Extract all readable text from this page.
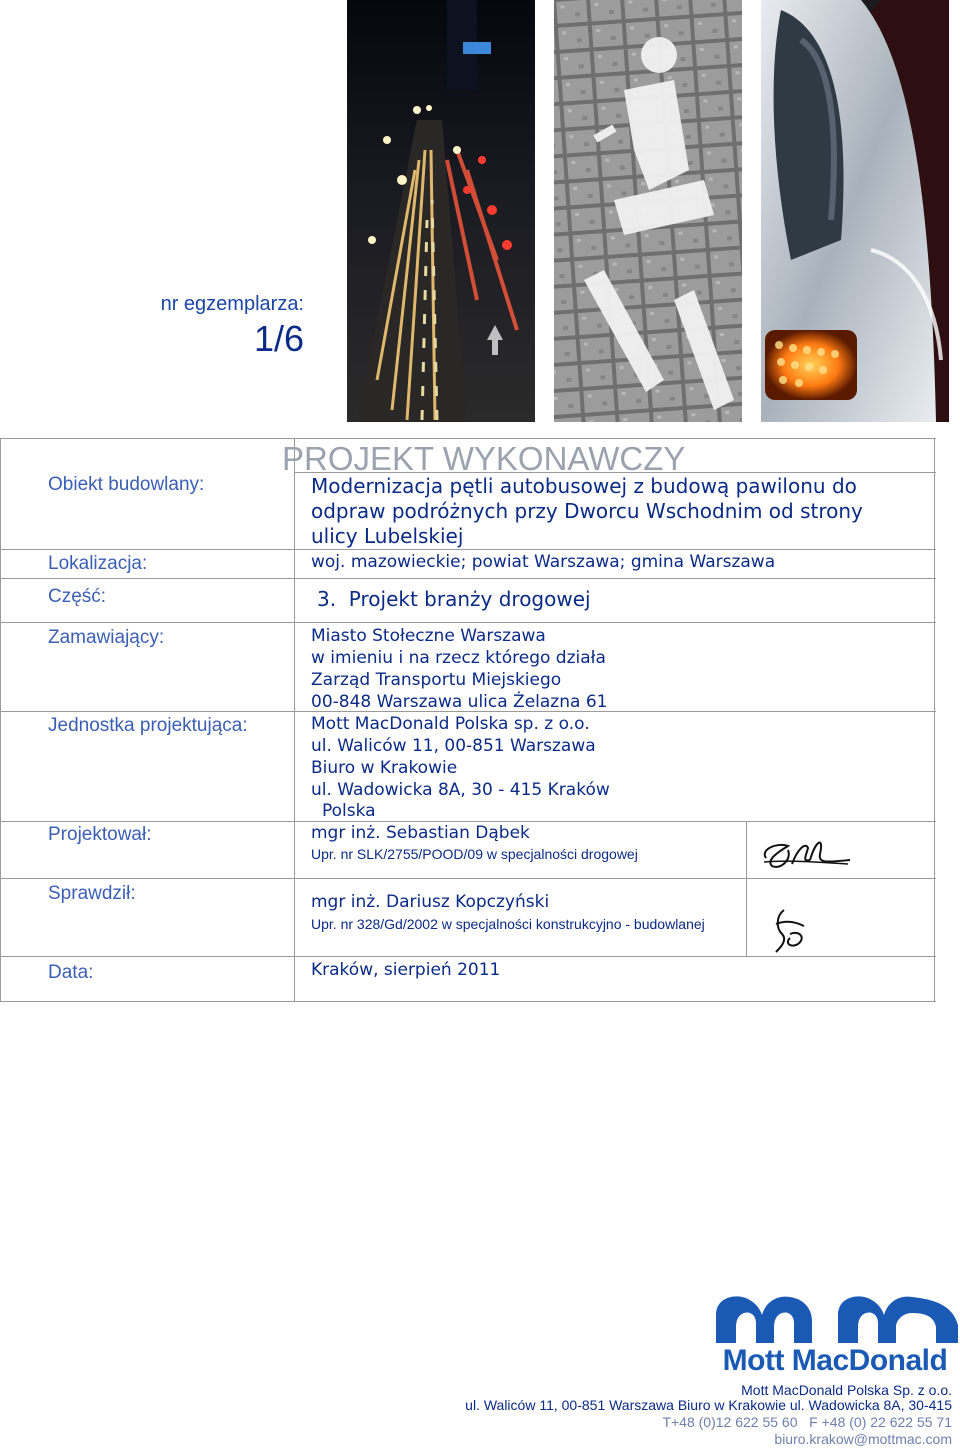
nr egzemplarza:
1/6
PROJEKT WYKONAWCZY
Obiekt budowlany:	Modernizacja pętli autobusowej z budową pawilonu do
odpraw podróżnych przy Dworcu Wschodnim od strony
ulicy Lubelskiej
Lokalizacja:	woj. mazowieckie; powiat Warszawa; gmina Warszawa
Część:	3.  Projekt branży drogowej
Zamawiający:	Miasto Stołeczne Warszawa
w imieniu i na rzecz którego działa
Zarząd Transportu Miejskiego
00-848 Warszawa ulica Żelazna 61
Jednostka projektująca:	Mott MacDonald Polska sp. z o.o.
ul. Waliców 11, 00-851 Warszawa
Biuro w Krakowie
ul. Wadowicka 8A, 30 - 415 Kraków
Polska
Projektował:	mgr inż. Sebastian Dąbek
Upr. nr SLK/2755/POOD/09 w specjalności drogowej
Sprawdził:	mgr inż. Dariusz Kopczyński
Upr. nr 328/Gd/2002 w specjalności konstrukcyjno - budowlanej
Data:	Kraków, sierpień 2011
Mott MacDonald
Mott MacDonald Polska Sp. z o.o.
ul. Waliców 11, 00-851 Warszawa Biuro w Krakowie ul. Wadowicka 8A, 30-415
T+48 (0)12 622 55 60   F +48 (0) 22 622 55 71
biuro.krakow@mottmac.com
